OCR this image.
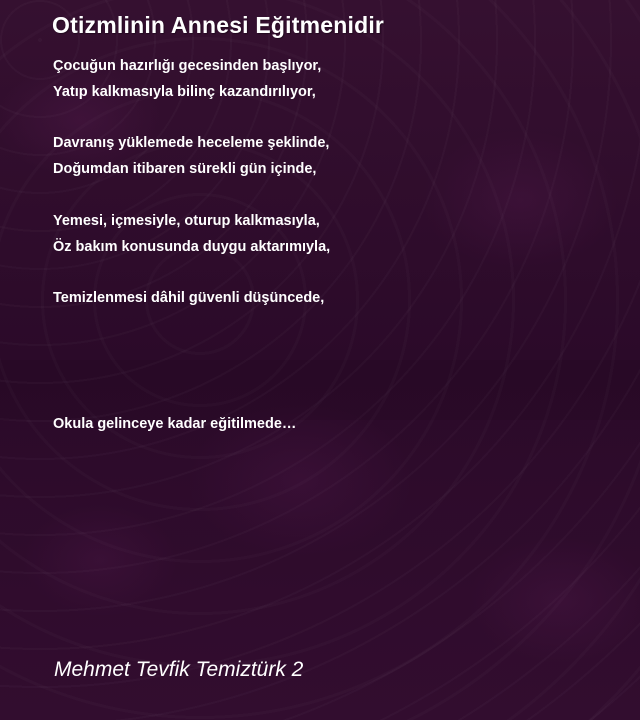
Otizmlinin Annesi Eğitmenidir
Çocuğun hazırlığı gecesinden başlıyor,
Yatıp kalkmasıyla bilinç kazandırılıyor,
Davranış yüklemede heceleme şeklinde,
Doğumdan itibaren sürekli gün içinde,
Yemesi, içmesiyle, oturup kalkmasıyla,
Öz bakım konusunda duygu aktarımıyla,
Temizlenmesi dâhil güvenli düşüncede,
Okula gelinceye kadar eğitilmede…
Mehmet Tevfik Temiztürk 2
